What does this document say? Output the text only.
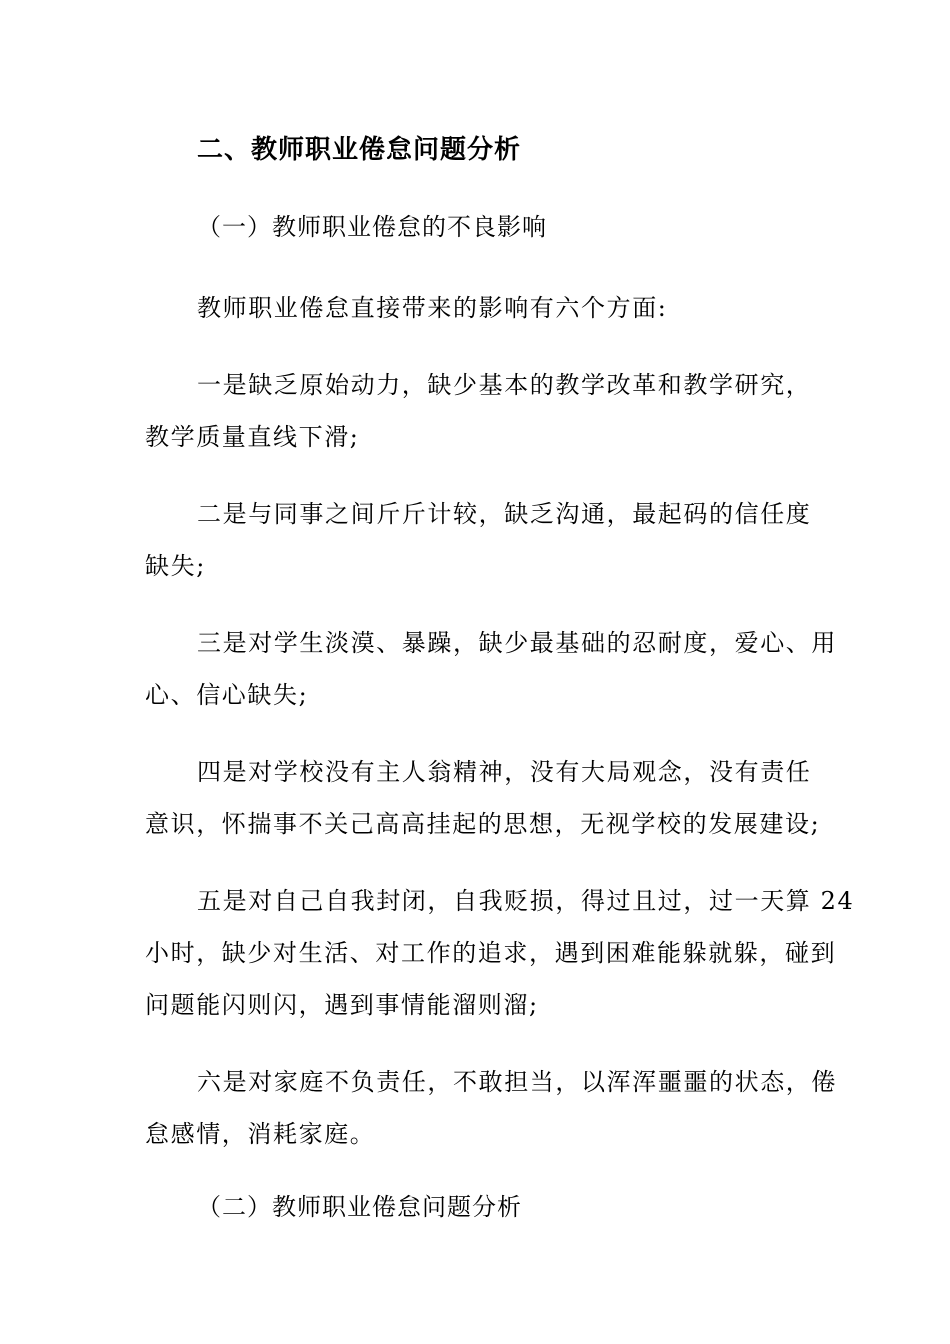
二、教师职业倦怠问题分析
（一）教师职业倦怠的不良影响
教师职业倦怠直接带来的影响有六个方面:
一是缺乏原始动力，缺少基本的教学改革和教学研究，
教学质量直线下滑;
二是与同事之间斤斤计较，缺乏沟通，最起码的信任度
缺失;
三是对学生淡漠、暴躁，缺少最基础的忍耐度，爱心、用
心、信心缺失;
四是对学校没有主人翁精神，没有大局观念，没有责任
意识，怀揣事不关己高高挂起的思想，无视学校的发展建设;
五是对自己自我封闭，自我贬损，得过且过，过一天算 24
小时，缺少对生活、对工作的追求，遇到困难能躲就躲，碰到
问题能闪则闪，遇到事情能溜则溜;
六是对家庭不负责任，不敢担当，以浑浑噩噩的状态，倦
怠感情，消耗家庭。
（二）教师职业倦怠问题分析
